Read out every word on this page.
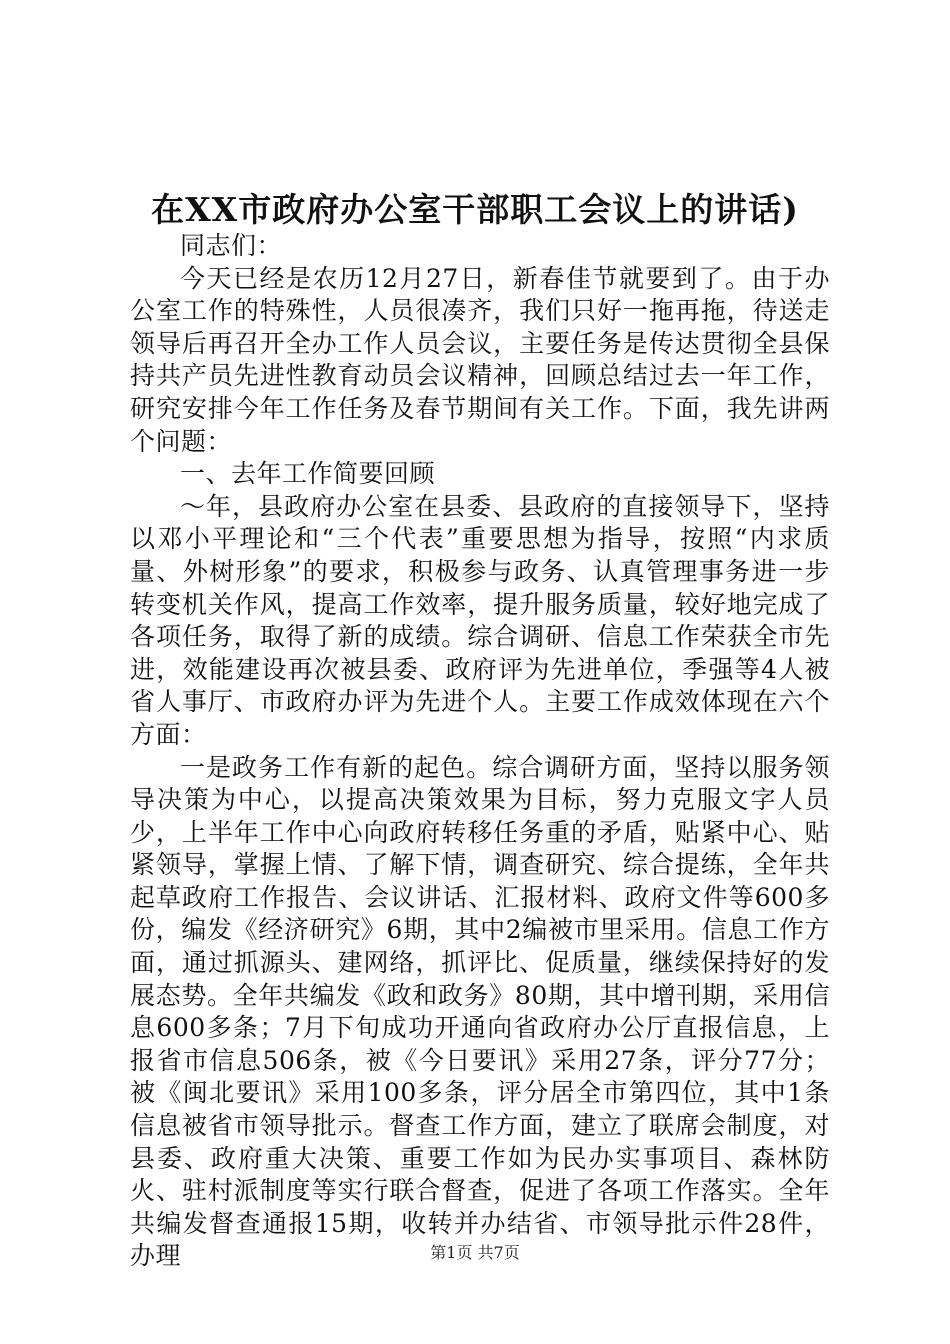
在XX市政府办公室干部职工会议上的讲话)

同志们：

今天已经是农历12月27日，新春佳节就要到了。由于办公室工作的特殊性，人员很凑齐，我们只好一拖再拖，待送走领导后再召开全办工作人员会议，主要任务是传达贯彻全县保持共产员先进性教育动员会议精神，回顾总结过去一年工作，研究安排今年工作任务及春节期间有关工作。下面，我先讲两个问题：

一、去年工作简要回顾

～年，县政府办公室在县委、县政府的直接领导下，坚持以邓小平理论和“三个代表”重要思想为指导，按照“内求质量、外树形象”的要求，积极参与政务、认真管理事务进一步转变机关作风，提高工作效率，提升服务质量，较好地完成了各项任务，取得了新的成绩。综合调研、信息工作荣获全市先进，效能建设再次被县委、政府评为先进单位，季强等4人被省人事厅、市政府办评为先进个人。主要工作成效体现在六个方面：

一是政务工作有新的起色。综合调研方面，坚持以服务领导决策为中心，以提高决策效果为目标，努力克服文字人员少，上半年工作中心向政府转移任务重的矛盾，贴紧中心、贴紧领导，掌握上情、了解下情，调查研究、综合提练，全年共起草政府工作报告、会议讲话、汇报材料、政府文件等600多份，编发《经济研究》6期，其中2编被市里采用。信息工作方面，通过抓源头、建网络，抓评比、促质量，继续保持好的发展态势。全年共编发《政和政务》80期，其中增刊期，采用信息600多条；7月下旬成功开通向省政府办公厅直报信息，上报省市信息506条，被《今日要讯》采用27条，评分77分；被《闽北要讯》采用100多条，评分居全市第四位，其中1条信息被省市领导批示。督查工作方面，建立了联席会制度，对县委、政府重大决策、重要工作如为民办实事项目、森林防火、驻村派制度等实行联合督查，促进了各项工作落实。全年共编发督查通报15期，收转并办结省、市领导批示件28件，办理	第1页 共7页
